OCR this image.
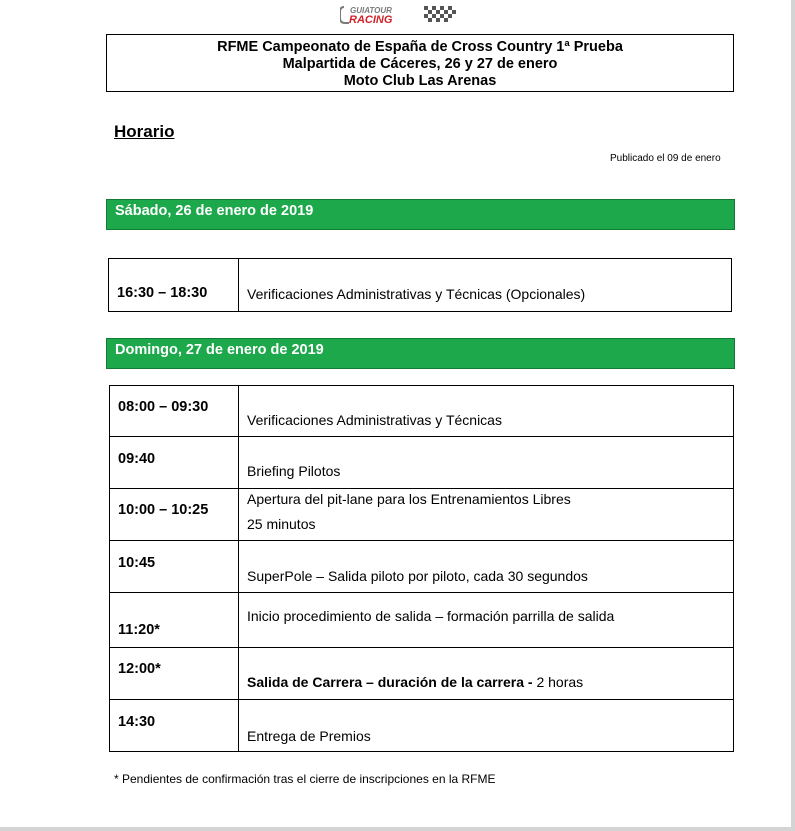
GUIATOUR
RACING
RFME Campeonato de España de Cross Country 1ª Prueba
Malpartida de Cáceres, 26 y 27 de enero
Moto Club Las Arenas
Horario
Publicado el 09 de enero
Sábado, 26 de enero de 2019
16:30 – 18:30	Verificaciones Administrativas y Técnicas (Opcionales)
Domingo, 27 de enero de 2019
08:00 – 09:30	Verificaciones Administrativas y Técnicas

09:40	Briefing Pilotos

10:00 – 10:25	Apertura del pit-lane para los Entrenamientos Libres
25 minutos

10:45	SuperPole – Salida piloto por piloto, cada 30 segundos

11:20*	Inicio procedimiento de salida – formación parrilla de salida

12:00*	Salida de Carrera – duración de la carrera - 2 horas

14:30	Entrega de Premios
* Pendientes de confirmación tras el cierre de inscripciones en la RFME
